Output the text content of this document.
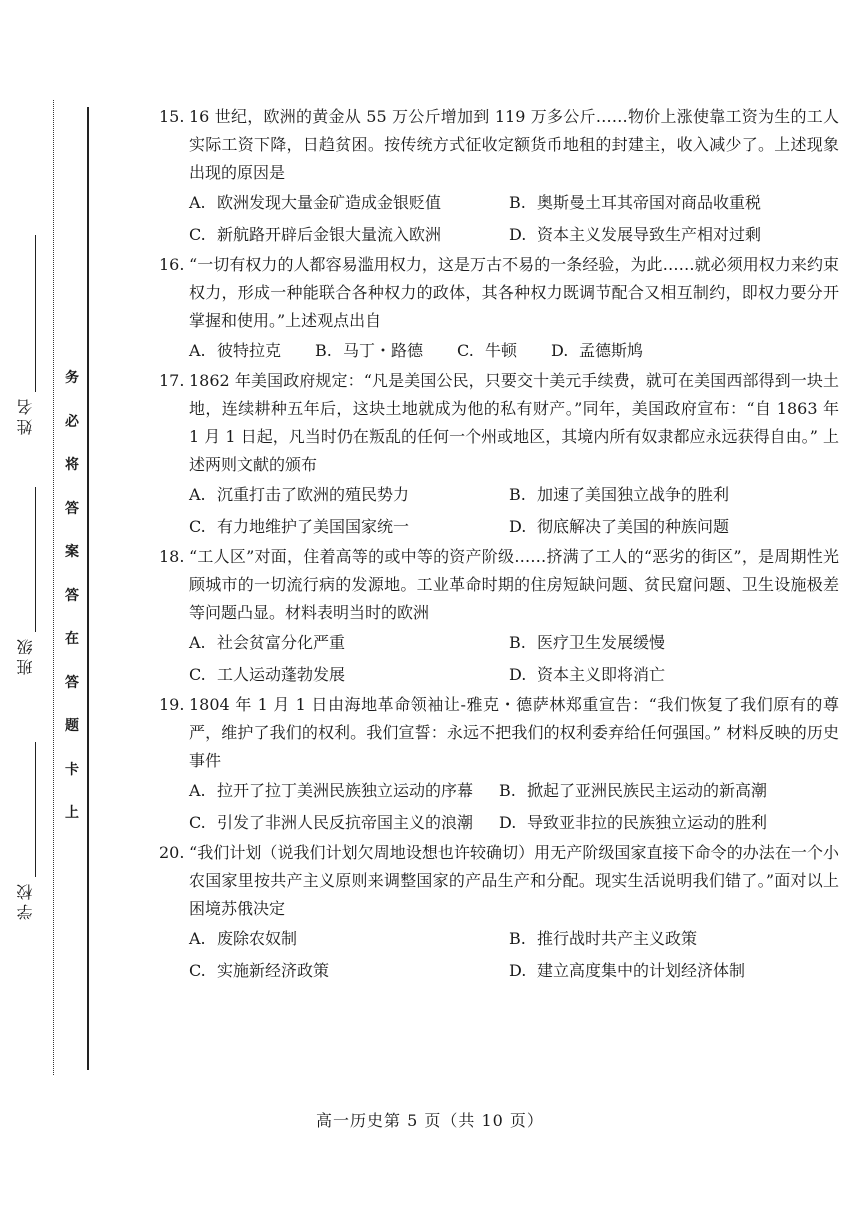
学校
班级
姓名
务
必
将
答
案
答
在
答
题
卡
上
15. 16 世纪，欧洲的黄金从 55 万公斤增加到 119 万多公斤……物价上涨使靠工资为生的工人实际工资下降，日趋贫困。按传统方式征收定额货币地租的封建主，收入减少了。上述现象出现的原因是
A. 欧洲发现大量金矿造成金银贬值	B. 奥斯曼土耳其帝国对商品收重税
C. 新航路开辟后金银大量流入欧洲	D. 资本主义发展导致生产相对过剩
16. “一切有权力的人都容易滥用权力，这是万古不易的一条经验，为此……就必须用权力来约束权力，形成一种能联合各种权力的政体，其各种权力既调节配合又相互制约，即权力要分开掌握和使用。”上述观点出自
A. 彼特拉克 B. 马丁・路德 C. 牛顿 D. 孟德斯鸠
17. 1862 年美国政府规定：“凡是美国公民，只要交十美元手续费，就可在美国西部得到一块土地，连续耕种五年后，这块土地就成为他的私有财产。”同年，美国政府宣布：“自 1863 年 1 月 1 日起，凡当时仍在叛乱的任何一个州或地区，其境内所有奴隶都应永远获得自由。” 上述两则文献的颁布
A. 沉重打击了欧洲的殖民势力	B. 加速了美国独立战争的胜利
C. 有力地维护了美国国家统一	D. 彻底解决了美国的种族问题
18. “工人区”对面，住着高等的或中等的资产阶级……挤满了工人的“恶劣的街区”，是周期性光顾城市的一切流行病的发源地。工业革命时期的住房短缺问题、贫民窟问题、卫生设施极差等问题凸显。材料表明当时的欧洲
A. 社会贫富分化严重	B. 医疗卫生发展缓慢
C. 工人运动蓬勃发展	D. 资本主义即将消亡
19. 1804 年 1 月 1 日由海地革命领袖让-雅克・德萨林郑重宣告：“我们恢复了我们原有的尊严，维护了我们的权利。我们宣誓：永远不把我们的权利委弃给任何强国。” 材料反映的历史事件
A. 拉开了拉丁美洲民族独立运动的序幕	B. 掀起了亚洲民族民主运动的新高潮
C. 引发了非洲人民反抗帝国主义的浪潮	D. 导致亚非拉的民族独立运动的胜利
20. “我们计划（说我们计划欠周地设想也许较确切）用无产阶级国家直接下命令的办法在一个小农国家里按共产主义原则来调整国家的产品生产和分配。现实生活说明我们错了。”面对以上困境苏俄决定
A. 废除农奴制	B. 推行战时共产主义政策
C. 实施新经济政策	D. 建立高度集中的计划经济体制
高一历史第 5 页（共 10 页）
